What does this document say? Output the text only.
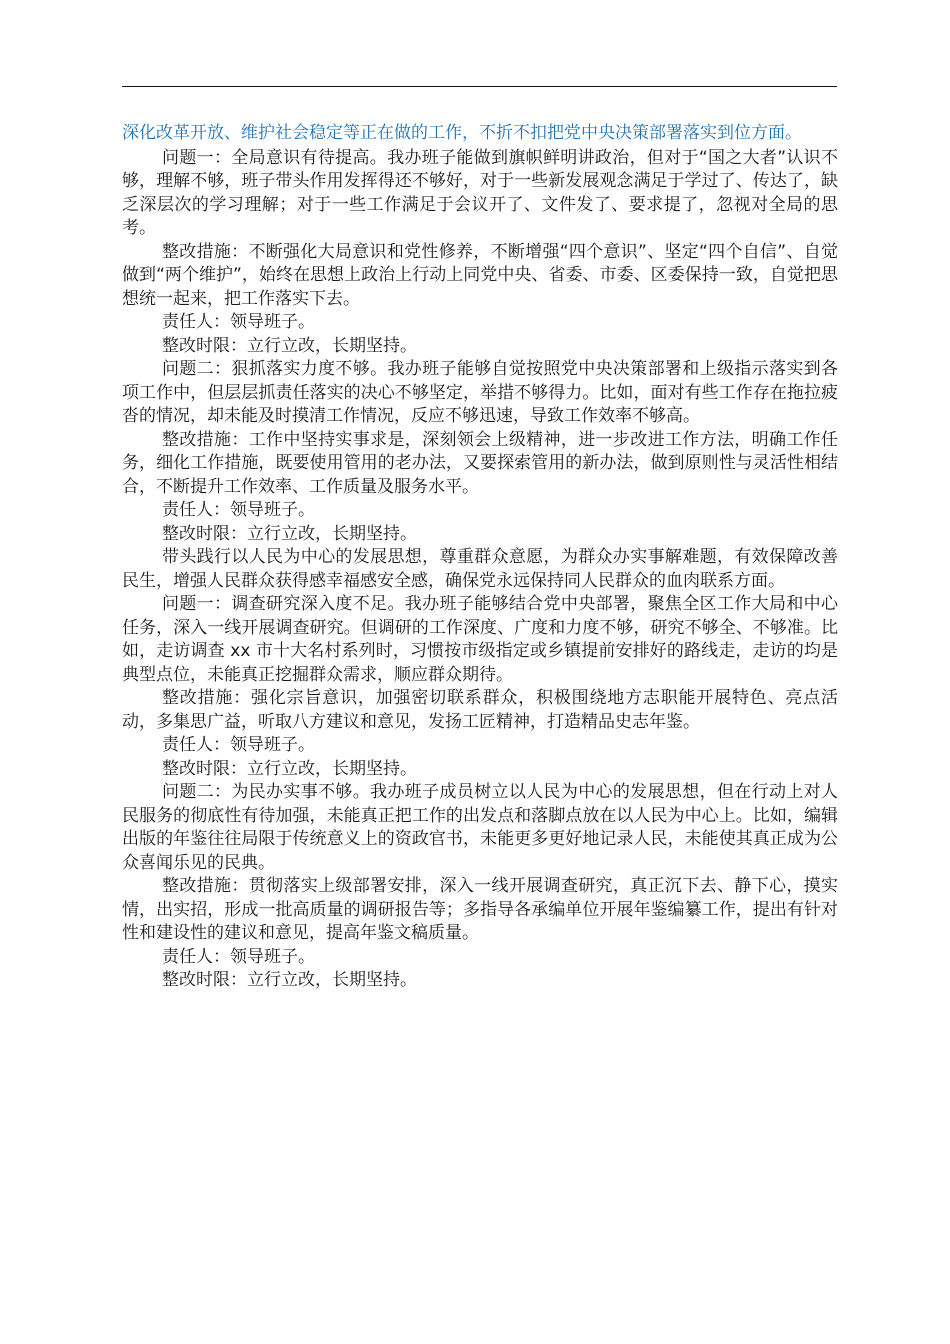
深化改革开放、维护社会稳定等正在做的工作，不折不扣把党中央决策部署落实到位方面。

问题一：全局意识有待提高。我办班子能做到旗帜鲜明讲政治，但对于“国之大者”认识不够，理解不够，班子带头作用发挥得还不够好，对于一些新发展观念满足于学过了、传达了，缺乏深层次的学习理解；对于一些工作满足于会议开了、文件发了、要求提了，忽视对全局的思考。

整改措施：不断强化大局意识和党性修养，不断增强“四个意识”、坚定“四个自信”、自觉做到“两个维护”，始终在思想上政治上行动上同党中央、省委、市委、区委保持一致，自觉把思想统一起来，把工作落实下去。

责任人：领导班子。

整改时限：立行立改，长期坚持。

问题二：狠抓落实力度不够。我办班子能够自觉按照党中央决策部署和上级指示落实到各项工作中，但层层抓责任落实的决心不够坚定，举措不够得力。比如，面对有些工作存在拖拉疲沓的情况，却未能及时摸清工作情况，反应不够迅速，导致工作效率不够高。

整改措施：工作中坚持实事求是，深刻领会上级精神，进一步改进工作方法，明确工作任务，细化工作措施，既要使用管用的老办法，又要探索管用的新办法，做到原则性与灵活性相结合，不断提升工作效率、工作质量及服务水平。

责任人：领导班子。

整改时限：立行立改，长期坚持。

带头践行以人民为中心的发展思想，尊重群众意愿，为群众办实事解难题，有效保障改善民生，增强人民群众获得感幸福感安全感，确保党永远保持同人民群众的血肉联系方面。

问题一：调查研究深入度不足。我办班子能够结合党中央部署，聚焦全区工作大局和中心任务，深入一线开展调查研究。但调研的工作深度、广度和力度不够，研究不够全、不够准。比如，走访调查 xx 市十大名村系列时，习惯按市级指定或乡镇提前安排好的路线走，走访的均是典型点位，未能真正挖掘群众需求，顺应群众期待。

整改措施：强化宗旨意识，加强密切联系群众，积极围绕地方志职能开展特色、亮点活动，多集思广益，听取八方建议和意见，发扬工匠精神，打造精品史志年鉴。

责任人：领导班子。

整改时限：立行立改，长期坚持。

问题二：为民办实事不够。我办班子成员树立以人民为中心的发展思想，但在行动上对人民服务的彻底性有待加强，未能真正把工作的出发点和落脚点放在以人民为中心上。比如，编辑出版的年鉴往往局限于传统意义上的资政官书，未能更多更好地记录人民，未能使其真正成为公众喜闻乐见的民典。

整改措施：贯彻落实上级部署安排，深入一线开展调查研究，真正沉下去、静下心，摸实情，出实招，形成一批高质量的调研报告等；多指导各承编单位开展年鉴编纂工作，提出有针对性和建设性的建议和意见，提高年鉴文稿质量。

责任人：领导班子。

整改时限：立行立改，长期坚持。
